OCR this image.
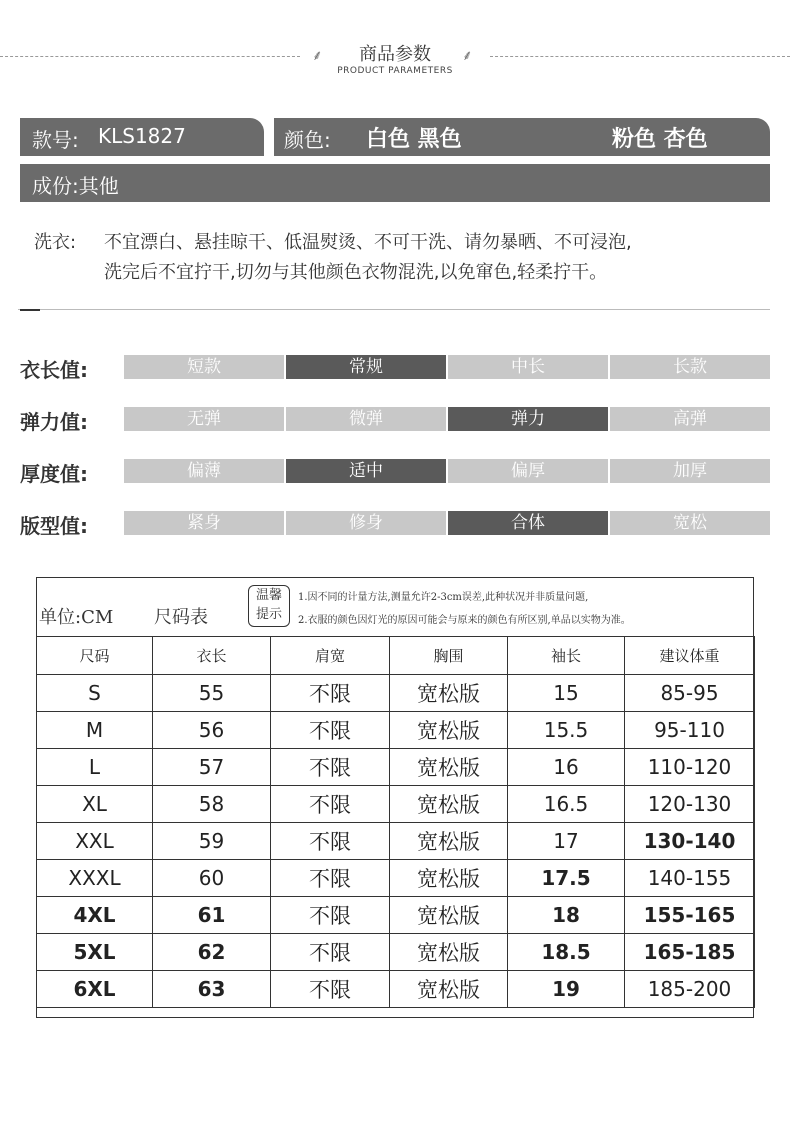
⸙	⸙
商品参数
PRODUCT PARAMETERS
款号: KLS1827	颜色: 白色 黑色	粉色 杏色
成份:其他
洗衣: 不宜漂白、悬挂晾干、低温熨烫、不可干洗、请勿暴晒、不可浸泡,
洗完后不宜拧干,切勿与其他颜色衣物混洗,以免窜色,轻柔拧干。
衣长值:	短款	常规	中长	长款
弹力值:	无弹	微弹	弹力	高弹
厚度值:	偏薄	适中	偏厚	加厚
版型值:	紧身	修身	合体	宽松
单位:CM 尺码表
温馨
提示
1.因不同的计量方法,测量允许2-3cm误差,此种状况并非质量问题,
2.衣服的颜色因灯光的原因可能会与原来的颜色有所区别,单品以实物为准。
尺码	衣长	肩宽	胸围	袖长	建议体重
S	55	不限	宽松版	15	85-95
M	56	不限	宽松版	15.5	95-110
L	57	不限	宽松版	16	110-120
XL	58	不限	宽松版	16.5	120-130
XXL	59	不限	宽松版	17	130-140
XXXL	60	不限	宽松版	17.5	140-155
4XL	61	不限	宽松版	18	155-165
5XL	62	不限	宽松版	18.5	165-185
6XL	63	不限	宽松版	19	185-200
